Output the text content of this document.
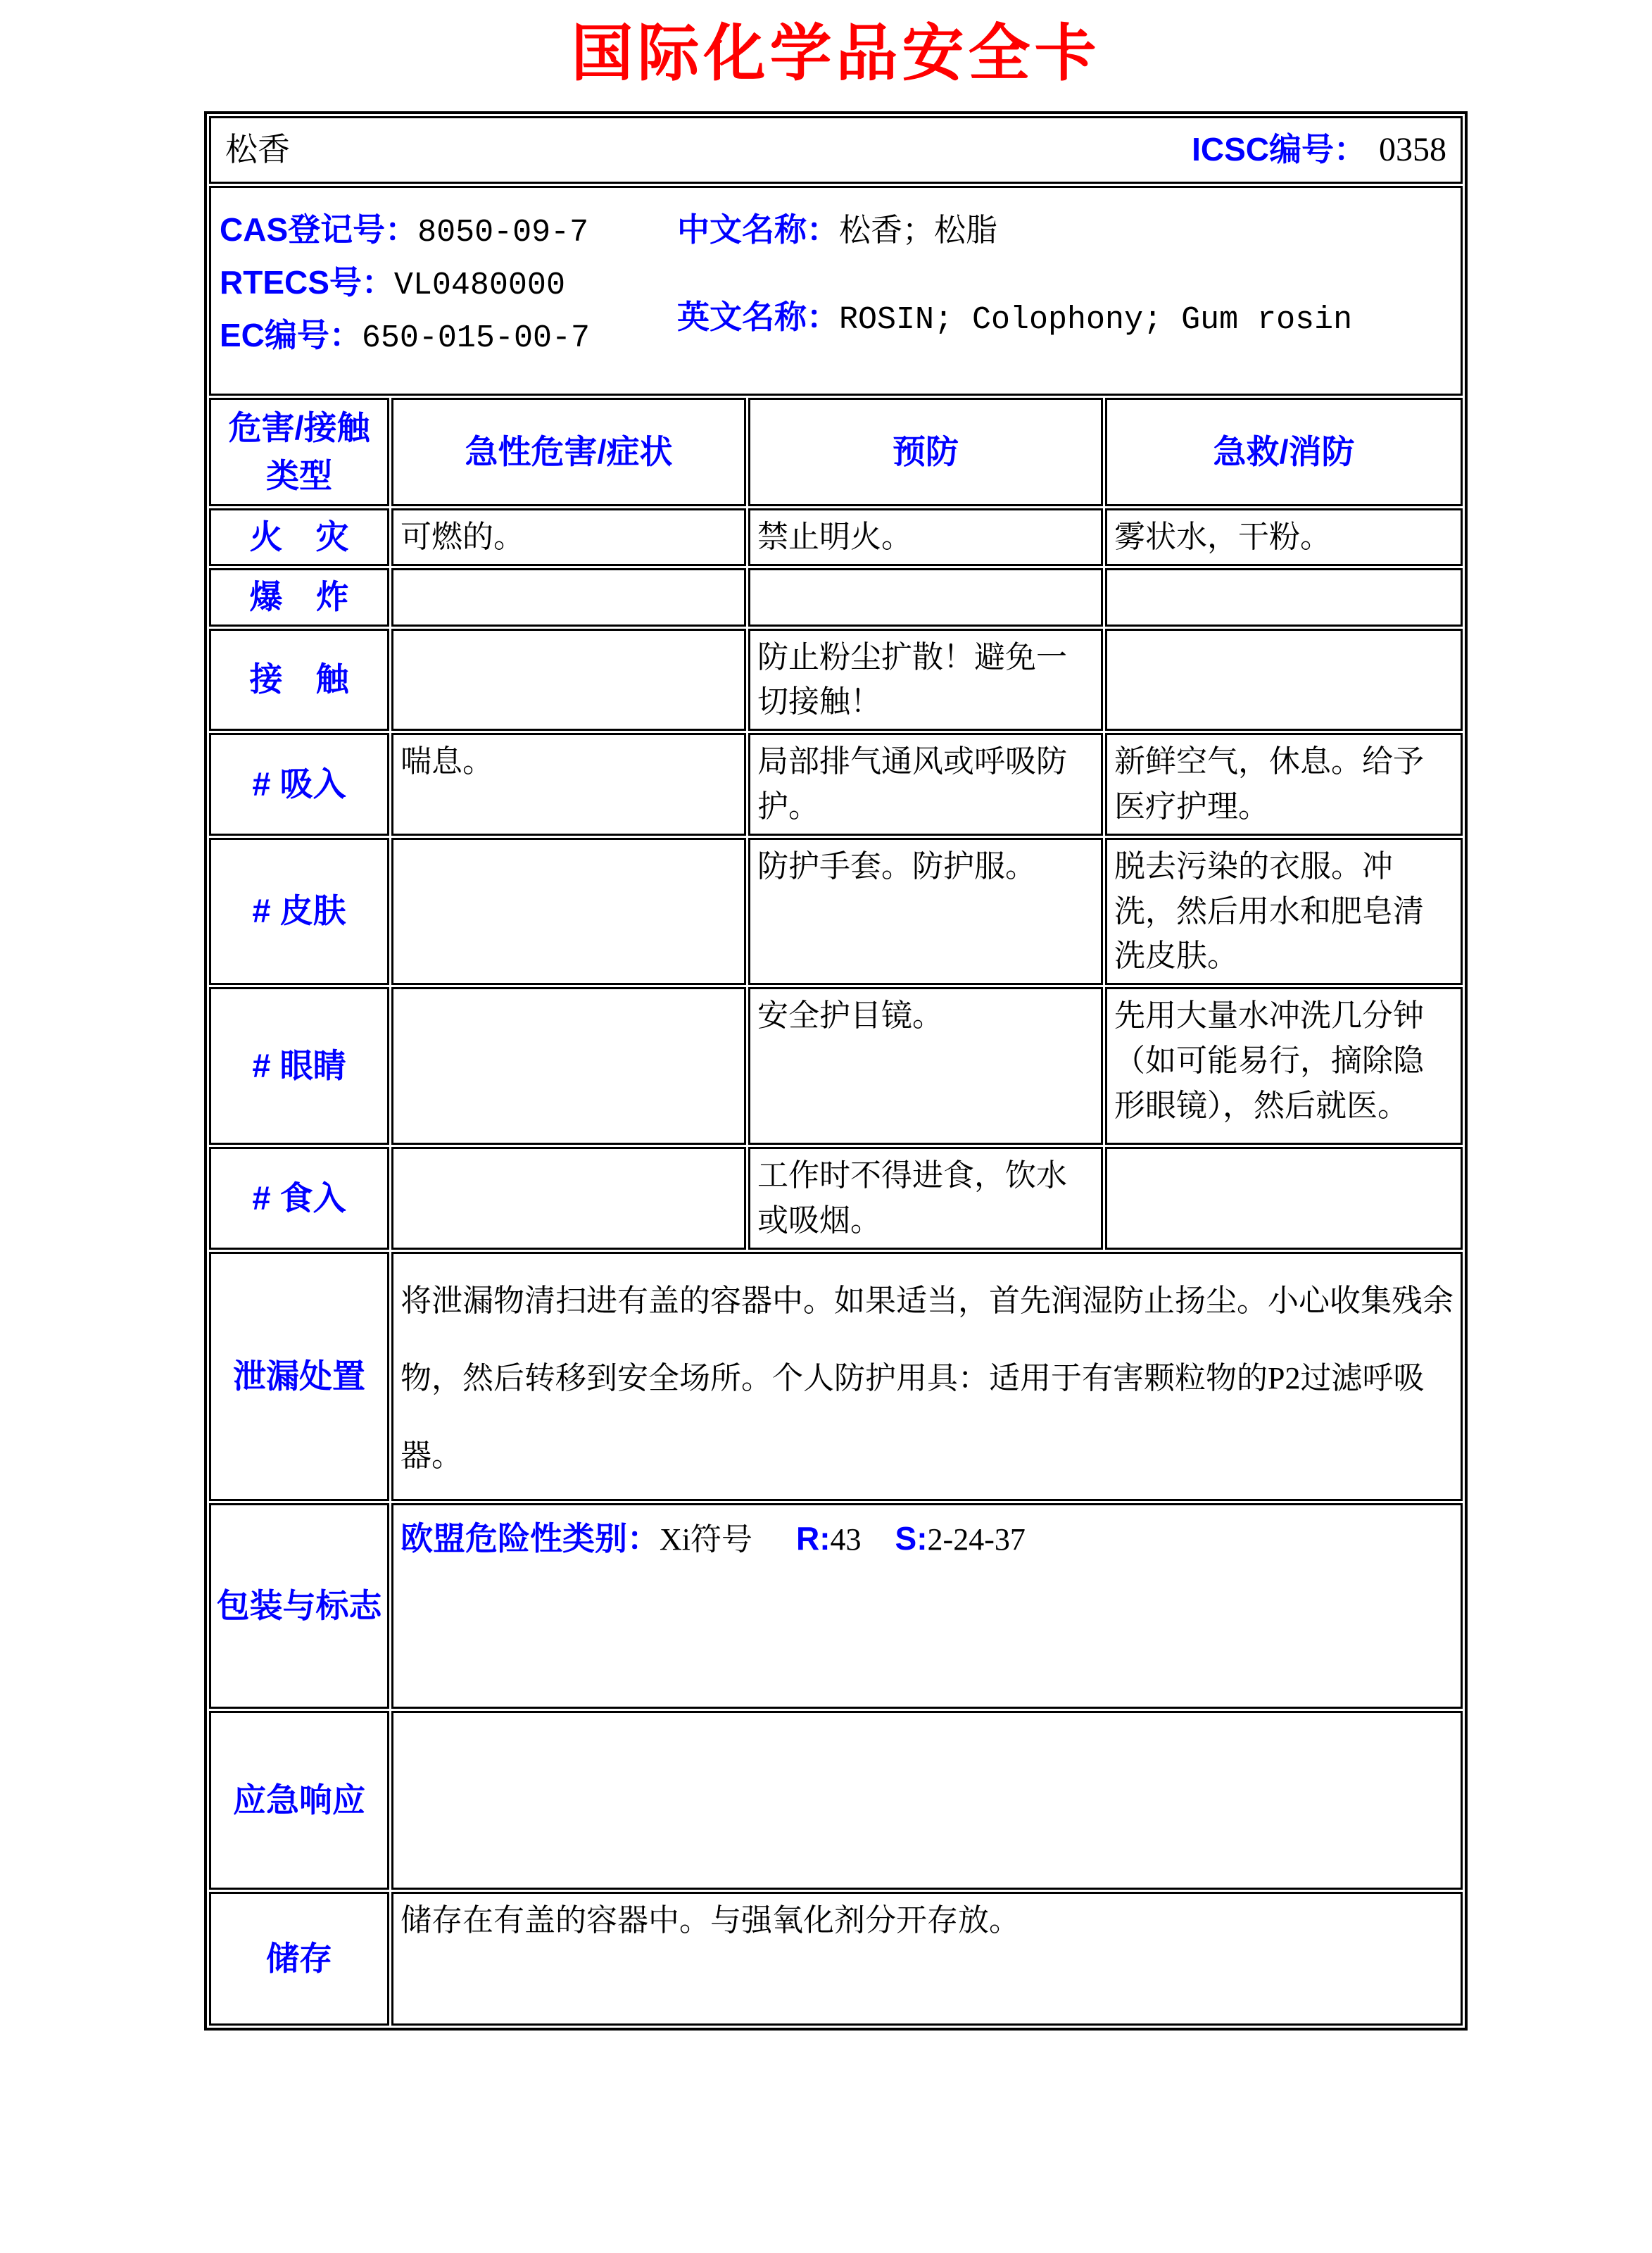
国际化学品安全卡
松香 ICSC编号： 0358			

CAS登记号：8050-09-7
RTECS号：VL0480000
EC编号：650-015-00-7
中文名称：松香；松脂
英文名称：ROSIN; Colophony; Gum rosin			

危害/接触
类型	急性危害/症状	预防	急救/消防
火　灾	可燃的。	禁止明火。	雾状水，干粉。
爆　炸			
接　触		防止粉尘扩散！避免一切接触！	
# 吸入	喘息。	局部排气通风或呼吸防护。	新鲜空气，休息。给予医疗护理。
# 皮肤		防护手套。防护服。	脱去污染的衣服。冲洗，然后用水和肥皂清洗皮肤。
# 眼睛		安全护目镜。	先用大量水冲洗几分钟（如可能易行，摘除隐形眼镜），然后就医。
# 食入		工作时不得进食，饮水或吸烟。	
泄漏处置	将泄漏物清扫进有盖的容器中。如果适当，首先润湿防止扬尘。小心收集残余物，然后转移到安全场所。个人防护用具：适用于有害颗粒物的P2过滤呼吸器。		

包装与标志	欧盟危险性类别：Xi符号 R:43 S:2-24-37		

应急响应			
储存	储存在有盖的容器中。与强氧化剂分开存放。		
